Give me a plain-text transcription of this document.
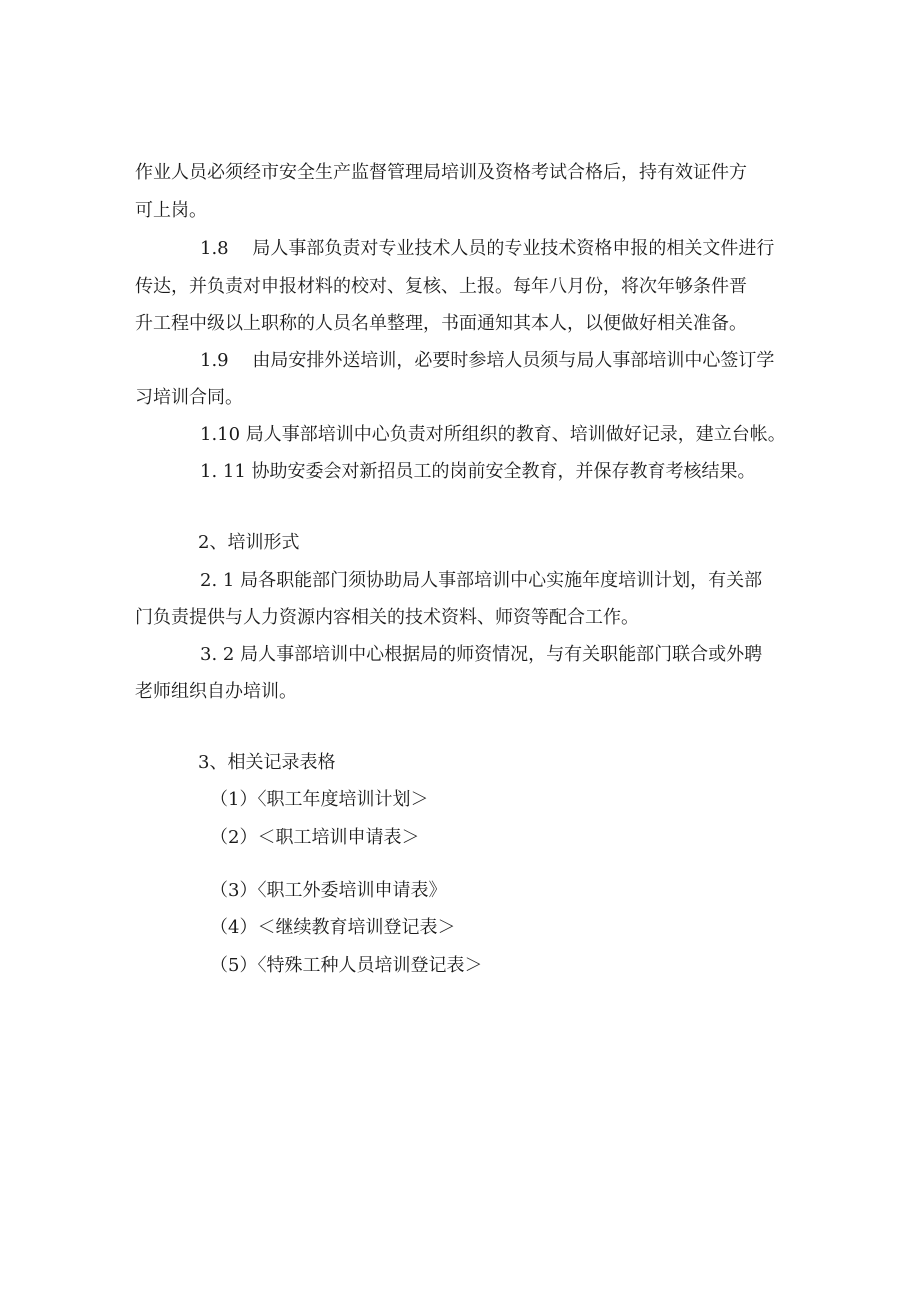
作业人员必须经市安全生产监督管理局培训及资格考试合格后，持有效证件方
可上岗。
1.8　 局人事部负责对专业技术人员的专业技术资格申报的相关文件进行
传达，并负责对申报材料的校对、复核、上报。每年八月份，将次年够条件晋
升工程中级以上职称的人员名单整理，书面通知其本人，以便做好相关准备。
1.9　 由局安排外送培训，必要时参培人员须与局人事部培训中心签订学
习培训合同。
1.10 局人事部培训中心负责对所组织的教育、培训做好记录，建立台帐。
1. 11 协助安委会对新招员工的岗前安全教育，并保存教育考核结果。
2、培训形式
2. 1 局各职能部门须协助局人事部培训中心实施年度培训计划，有关部
门负责提供与人力资源内容相关的技术资料、师资等配合工作。
3. 2 局人事部培训中心根据局的师资情况，与有关职能部门联合或外聘
老师组织自办培训。
3、相关记录表格
（1）〈职工年度培训计划＞
（2）＜职工培训申请表＞
（3）〈职工外委培训申请表》
（4）＜继续教育培训登记表＞
（5）〈特殊工种人员培训登记表＞
